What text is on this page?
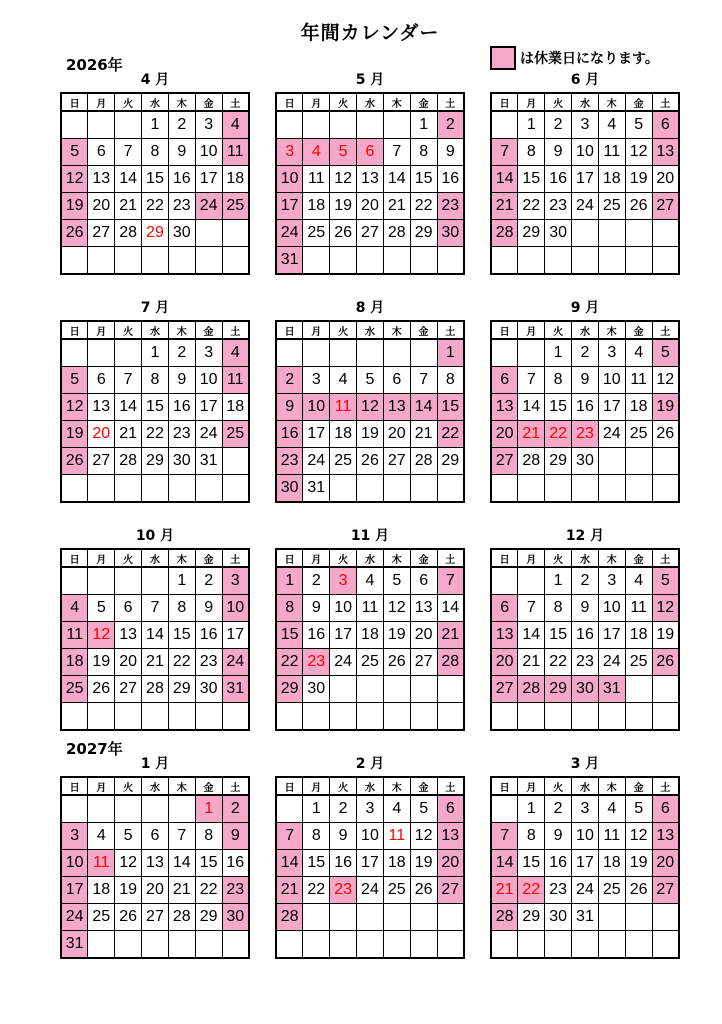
年間カレンダー
は休業日になります。
2026年
2027年
4 月
日	月	火	水	木	金	土
			1	2	3	4
5	6	7	8	9	10	11
12	13	14	15	16	17	18
19	20	21	22	23	24	25
26	27	28	29	30		

5 月
日	月	火	水	木	金	土
					1	2
3	4	5	6	7	8	9
10	11	12	13	14	15	16
17	18	19	20	21	22	23
24	25	26	27	28	29	30
31						
6 月
日	月	火	水	木	金	土
	1	2	3	4	5	6
7	8	9	10	11	12	13
14	15	16	17	18	19	20
21	22	23	24	25	26	27
28	29	30				

7 月
日	月	火	水	木	金	土
			1	2	3	4
5	6	7	8	9	10	11
12	13	14	15	16	17	18
19	20	21	22	23	24	25
26	27	28	29	30	31	

8 月
日	月	火	水	木	金	土
						1
2	3	4	5	6	7	8
9	10	11	12	13	14	15
16	17	18	19	20	21	22
23	24	25	26	27	28	29
30	31					
9 月
日	月	火	水	木	金	土
		1	2	3	4	5
6	7	8	9	10	11	12
13	14	15	16	17	18	19
20	21	22	23	24	25	26
27	28	29	30			

10 月
日	月	火	水	木	金	土
				1	2	3
4	5	6	7	8	9	10
11	12	13	14	15	16	17
18	19	20	21	22	23	24
25	26	27	28	29	30	31

11 月
日	月	火	水	木	金	土
1	2	3	4	5	6	7
8	9	10	11	12	13	14
15	16	17	18	19	20	21
22	23	24	25	26	27	28
29	30					

12 月
日	月	火	水	木	金	土
		1	2	3	4	5
6	7	8	9	10	11	12
13	14	15	16	17	18	19
20	21	22	23	24	25	26
27	28	29	30	31		

1 月
日	月	火	水	木	金	土
					1	2
3	4	5	6	7	8	9
10	11	12	13	14	15	16
17	18	19	20	21	22	23
24	25	26	27	28	29	30
31						
2 月
日	月	火	水	木	金	土
	1	2	3	4	5	6
7	8	9	10	11	12	13
14	15	16	17	18	19	20
21	22	23	24	25	26	27
28						

3 月
日	月	火	水	木	金	土
	1	2	3	4	5	6
7	8	9	10	11	12	13
14	15	16	17	18	19	20
21	22	23	24	25	26	27
28	29	30	31			
